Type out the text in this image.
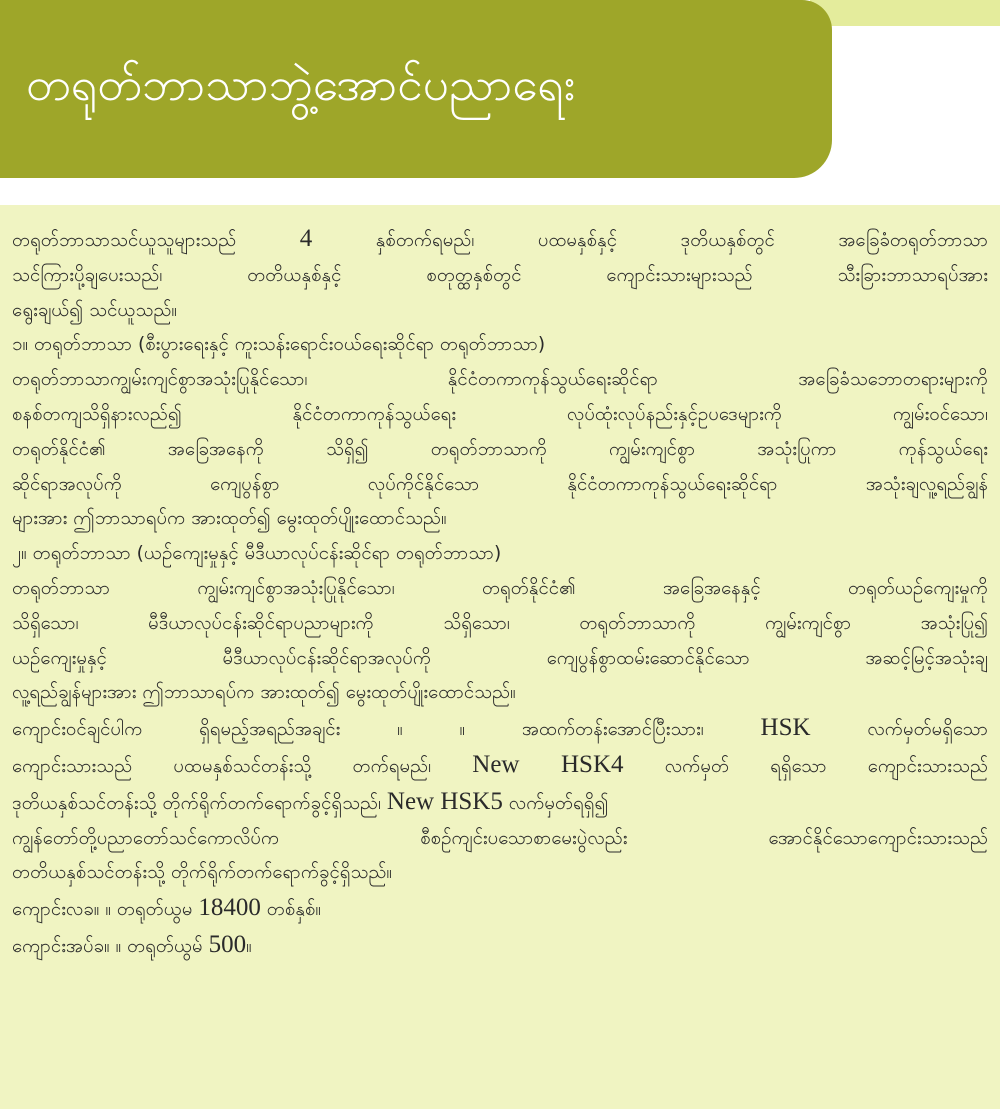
တရုတ်ဘာသာဘွဲ့အောင်ပညာရေး

တရုတ်ဘာသာသင်ယူသူများသည်	4	နှစ်တက်ရမည်၊ ပထမနှစ်နှင့် ဒုတိယနှစ်တွင် အခြေခံတရုတ်ဘာသာ

သင်ကြားပို့ချပေးသည်၊ တတိယနှစ်နှင့် စတုတ္ထနှစ်တွင် ကျောင်းသားများသည် သီးခြားဘာသာရပ်အား

ရွေးချယ်၍ သင်ယူသည်။

၁။ တရုတ်ဘာသာ (စီးပွားရေးနှင့် ကူးသန်းရောင်းဝယ်ရေးဆိုင်ရာ တရုတ်ဘာသာ)

တရုတ်ဘာသာကျွမ်းကျင်စွာအသုံးပြုနိုင်သော၊ နိုင်ငံတကာကုန်သွယ်ရေးဆိုင်ရာ အခြေခံသဘောတရားများကို

စနစ်တကျသိရှိနားလည်၍ နိုင်ငံတကာကုန်သွယ်ရေး လုပ်ထုံးလုပ်နည်းနှင့်ဥပဒေများကို ကျွမ်းဝင်သော၊

တရုတ်နိုင်ငံ၏ အခြေအနေကို သိရှိ၍ တရုတ်ဘာသာကို ကျွမ်းကျင်စွာ အသုံးပြုကာ ကုန်သွယ်ရေး

ဆိုင်ရာအလုပ်ကို ကျေပွန်စွာ လုပ်ကိုင်နိုင်သော နိုင်ငံတကာကုန်သွယ်ရေးဆိုင်ရာ အသုံးချလူ့ရည်ချွန်

များအား ဤဘာသာရပ်က အားထုတ်၍ မွေးထုတ်ပျိုးထောင်သည်။

၂။ တရုတ်ဘာသာ (ယဉ်ကျေးမှုနှင့် မီဒီယာလုပ်ငန်းဆိုင်ရာ တရုတ်ဘာသာ)

တရုတ်ဘာသာ ကျွမ်းကျင်စွာအသုံးပြုနိုင်သော၊ တရုတ်နိုင်ငံ၏ အခြေအနေနှင့် တရုတ်ယဉ်ကျေးမှုကို

သိရှိသော၊ မီဒီယာလုပ်ငန်းဆိုင်ရာပညာများကို သိရှိသော၊ တရုတ်ဘာသာကို ကျွမ်းကျင်စွာ အသုံးပြု၍

ယဉ်ကျေးမှုနှင့် မီဒီယာလုပ်ငန်းဆိုင်ရာအလုပ်ကို ကျေပွန်စွာထမ်းဆောင်နိုင်သော အဆင့်မြင့်အသုံးချ

လူ့ရည်ချွန်များအား ဤဘာသာရပ်က အားထုတ်၍ မွေးထုတ်ပျိုးထောင်သည်။

ကျောင်းဝင်ချင်ပါက ရှိရမည့်အရည်အချင်း ။ ။ အထက်တန်းအောင်ပြီးသား၊ HSK	လက်မှတ်မရှိသော

ကျောင်းသားသည် ပထမနှစ်သင်တန်းသို့ တက်ရမည်၊ New HSK4 လက်မှတ် ရရှိသော ကျောင်းသားသည်

ဒုတိယနှစ်သင်တန်းသို့ တိုက်ရိုက်တက်ရောက်ခွင့်ရှိသည်၊ New HSK5 လက်မှတ်ရရှိ၍

ကျွန်တော်တို့ပညာတော်သင်ကောလိပ်က စီစဉ်ကျင်းပသောစာမေးပွဲလည်း အောင်နိုင်သောကျောင်းသားသည်

တတိယနှစ်သင်တန်းသို့ တိုက်ရိုက်တက်ရောက်ခွင့်ရှိသည်။

ကျောင်းလခ။ ။ တရုတ်ယွမ 18400 တစ်နှစ်။

ကျောင်းအပ်ခ။ ။ တရုတ်ယွမ် 500။
